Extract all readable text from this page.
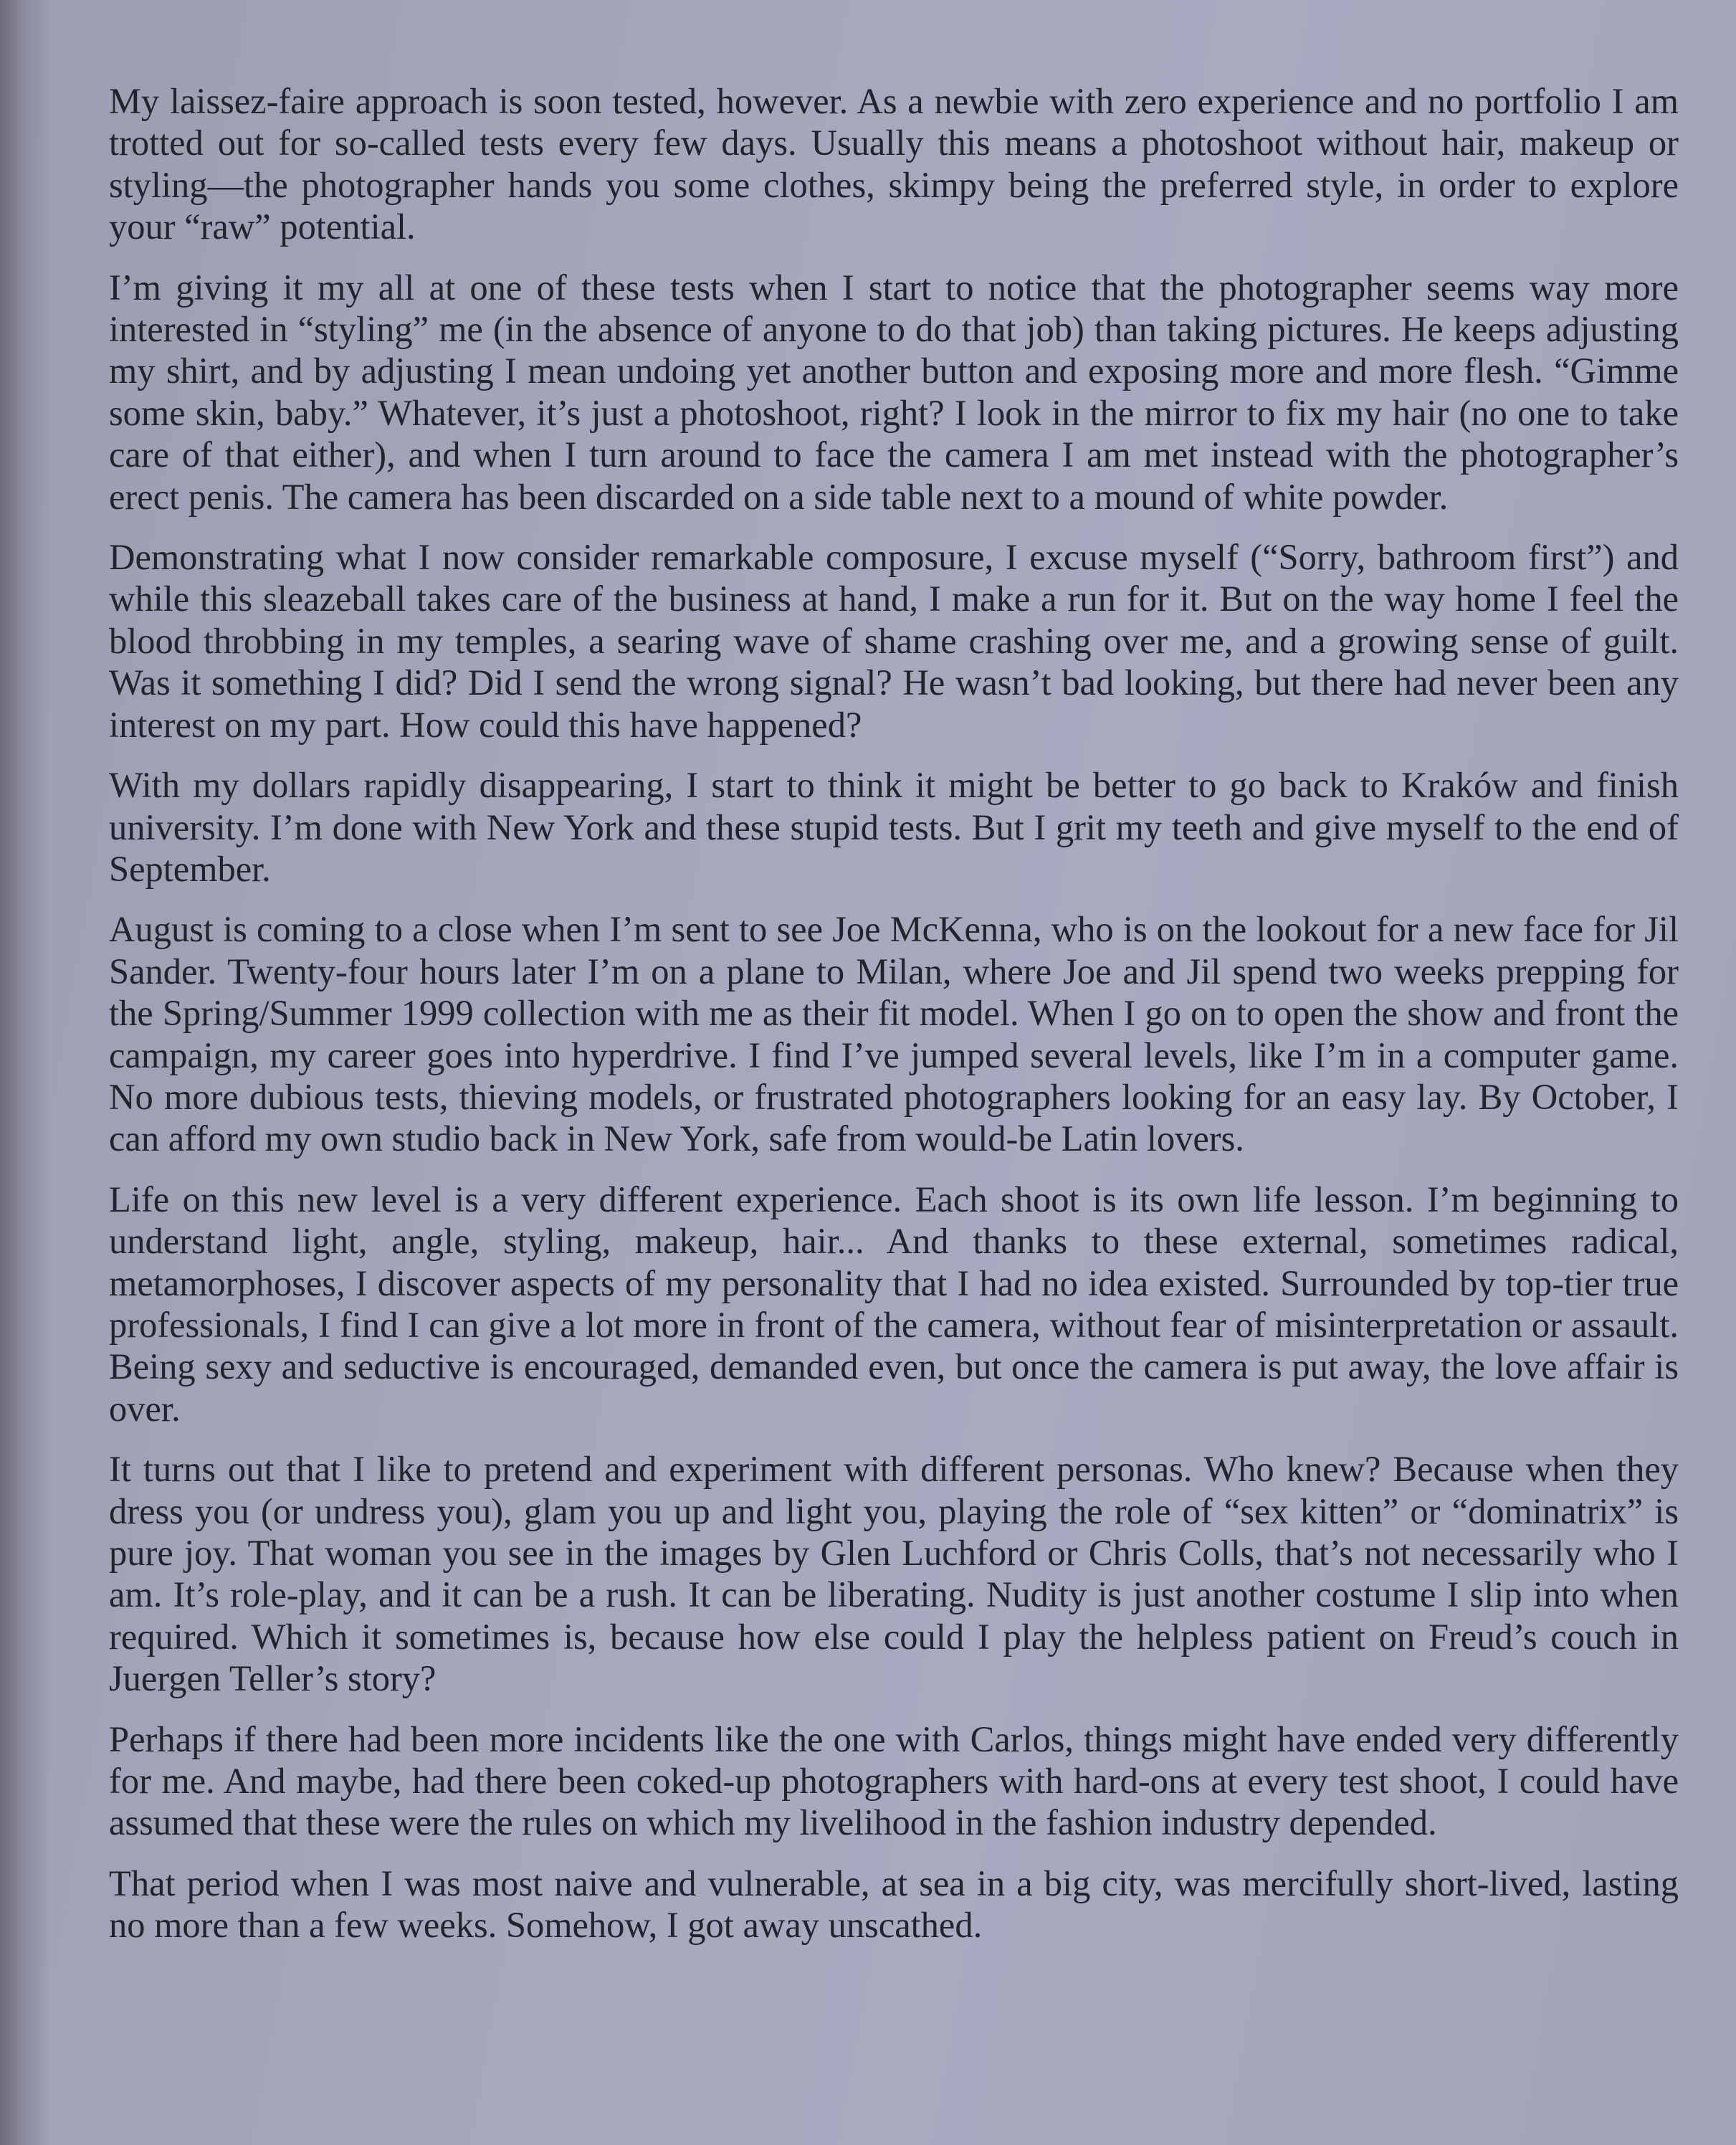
My laissez-faire approach is soon tested, however. As a newbie with zero experience and no portfolio I am trotted out for so-called tests every few days. Usually this means a photoshoot without hair, makeup or styling—the photographer hands you some clothes, skimpy being the preferred style, in order to explore your “raw” potential.

I’m giving it my all at one of these tests when I start to notice that the photographer seems way more interested in “styling” me (in the absence of anyone to do that job) than taking pictures. He keeps adjusting my shirt, and by adjusting I mean undoing yet another button and exposing more and more flesh. “Gimme some skin, baby.” Whatever, it’s just a photoshoot, right? I look in the mirror to fix my hair (no one to take care of that either), and when I turn around to face the camera I am met instead with the photographer’s erect penis. The camera has been discarded on a side table next to a mound of white powder.

Demonstrating what I now consider remarkable composure, I excuse myself (“Sorry, bathroom first”) and while this sleazeball takes care of the business at hand, I make a run for it. But on the way home I feel the blood throbbing in my temples, a searing wave of shame crashing over me, and a growing sense of guilt. Was it something I did? Did I send the wrong signal? He wasn’t bad looking, but there had never been any interest on my part. How could this have happened?

With my dollars rapidly disappearing, I start to think it might be better to go back to Kraków and finish university. I’m done with New York and these stupid tests. But I grit my teeth and give myself to the end of September.

August is coming to a close when I’m sent to see Joe McKenna, who is on the lookout for a new face for Jil Sander. Twenty-four hours later I’m on a plane to Milan, where Joe and Jil spend two weeks prepping for the Spring/Summer 1999 collection with me as their fit model. When I go on to open the show and front the campaign, my career goes into hyperdrive. I find I’ve jumped several levels, like I’m in a computer game. No more dubious tests, thieving models, or frustrated photographers looking for an easy lay. By October, I can afford my own studio back in New York, safe from would-be Latin lovers.

Life on this new level is a very different experience. Each shoot is its own life lesson. I’m beginning to understand light, angle, styling, makeup, hair... And thanks to these external, sometimes radical, metamorphoses, I discover aspects of my personality that I had no idea existed. Surrounded by top-tier true professionals, I find I can give a lot more in front of the camera, without fear of misinterpretation or assault. Being sexy and seductive is encouraged, demanded even, but once the camera is put away, the love affair is over.

It turns out that I like to pretend and experiment with different personas. Who knew? Because when they dress you (or undress you), glam you up and light you, playing the role of “sex kitten” or “dominatrix” is pure joy. That woman you see in the images by Glen Luchford or Chris Colls, that’s not necessarily who I am. It’s role-play, and it can be a rush. It can be liberating. Nudity is just another costume I slip into when required. Which it sometimes is, because how else could I play the helpless patient on Freud’s couch in Juergen Teller’s story?

Perhaps if there had been more incidents like the one with Carlos, things might have ended very differently for me. And maybe, had there been coked-up photographers with hard-ons at every test shoot, I could have assumed that these were the rules on which my livelihood in the fashion industry depended.

That period when I was most naive and vulnerable, at sea in a big city, was mercifully short-lived, lasting no more than a few weeks. Somehow, I got away unscathed.
